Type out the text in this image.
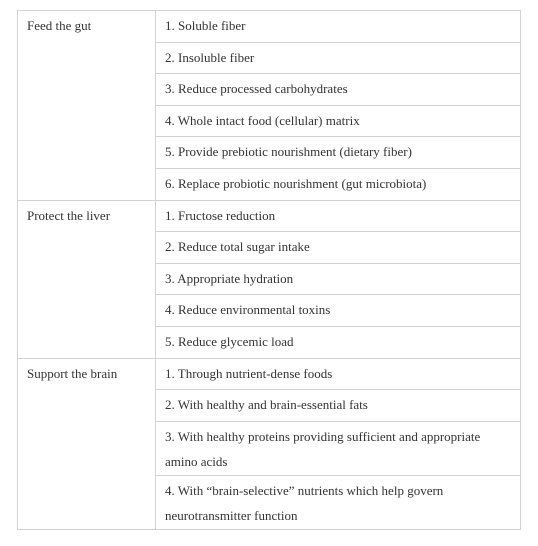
Feed the gut	1. Soluble fiber
	2. Insoluble fiber
	3. Reduce processed carbohydrates
	4. Whole intact food (cellular) matrix
	5. Provide prebiotic nourishment (dietary fiber)
	6. Replace probiotic nourishment (gut microbiota)
Protect the liver	1. Fructose reduction
	2. Reduce total sugar intake
	3. Appropriate hydration
	4. Reduce environmental toxins
	5. Reduce glycemic load
Support the brain	1. Through nutrient-dense foods
	2. With healthy and brain-essential fats
	3. With healthy proteins providing sufficient and appropriate amino acids
	4. With “brain-selective” nutrients which help govern neurotransmitter function
